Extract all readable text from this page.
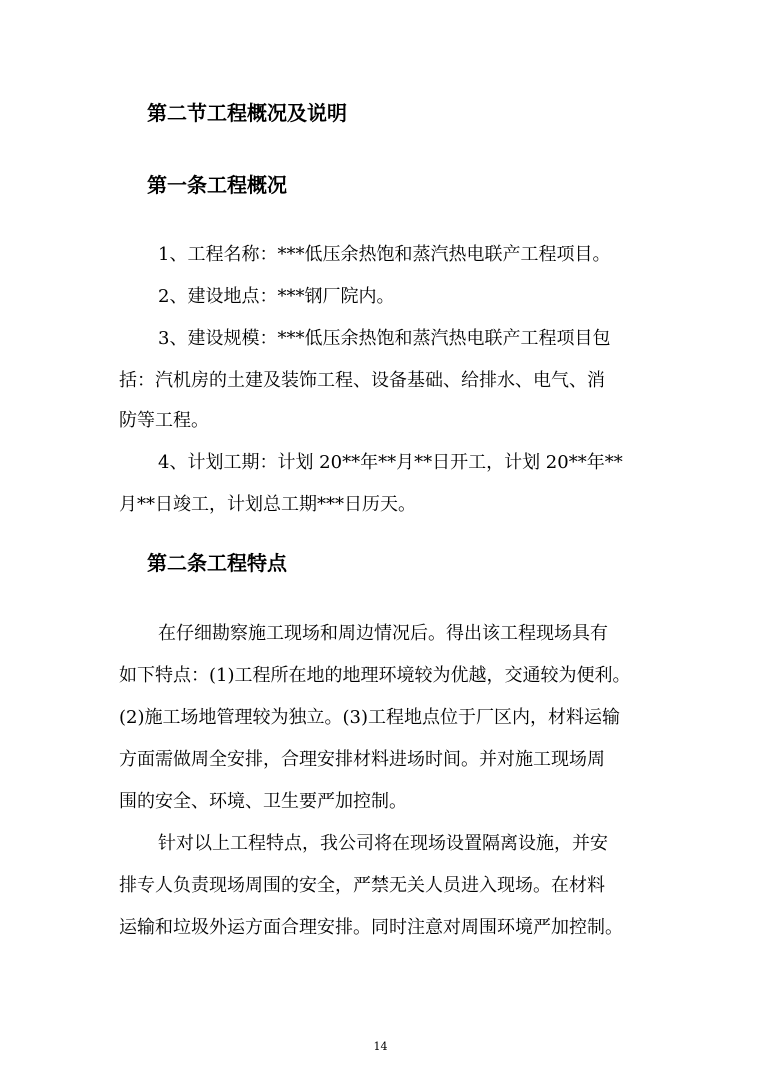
第二节工程概况及说明
第一条工程概况
1、工程名称：***低压余热饱和蒸汽热电联产工程项目。
2、建设地点：***钢厂院内。
3、建设规模：***低压余热饱和蒸汽热电联产工程项目包
括：汽机房的土建及装饰工程、设备基础、给排水、电气、消
防等工程。
4、计划工期：计划 20**年**月**日开工，计划 20**年**
月**日竣工，计划总工期***日历天。
第二条工程特点
在仔细勘察施工现场和周边情况后。得出该工程现场具有
如下特点：(1)工程所在地的地理环境较为优越，交通较为便利。
(2)施工场地管理较为独立。(3)工程地点位于厂区内，材料运输
方面需做周全安排，合理安排材料进场时间。并对施工现场周
围的安全、环境、卫生要严加控制。
针对以上工程特点，我公司将在现场设置隔离设施，并安
排专人负责现场周围的安全，严禁无关人员进入现场。在材料
运输和垃圾外运方面合理安排。同时注意对周围环境严加控制。
14
